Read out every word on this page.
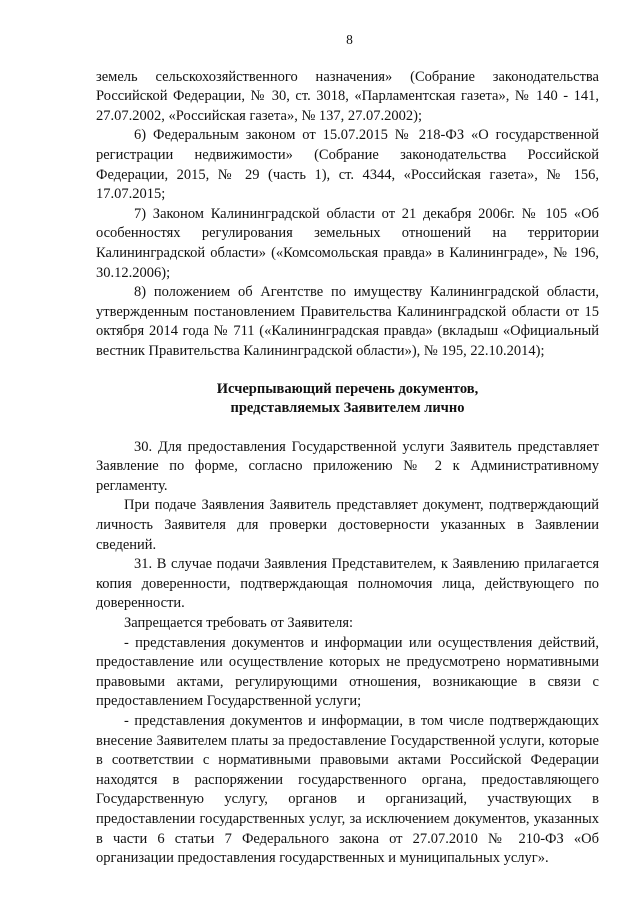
8

земель сельскохозяйственного назначения» (Собрание законодательства Российской Федерации, № 30, ст. 3018, «Парламентская газета», № 140 - 141, 27.07.2002, «Российская газета», № 137, 27.07.2002);

6) Федеральным законом от 15.07.2015 № 218-ФЗ «О государственной регистрации недвижимости» (Собрание законодательства Российской Федерации, 2015, № 29 (часть 1), ст. 4344, «Российская газета», № 156, 17.07.2015;

7) Законом Калининградской области от 21 декабря 2006г. № 105 «Об особенностях регулирования земельных отношений на территории Калининградской области» («Комсомольская правда» в Калининграде», № 196, 30.12.2006);

8) положением об Агентстве по имуществу Калининградской области, утвержденным постановлением Правительства Калининградской области от 15 октября 2014 года № 711 («Калининградская правда» (вкладыш «Официальный вестник Правительства Калининградской области»), № 195, 22.10.2014);

Исчерпывающий перечень документов,
представляемых Заявителем лично

30. Для предоставления Государственной услуги Заявитель представляет Заявление по форме, согласно приложению № 2 к Административному регламенту.

При подаче Заявления Заявитель представляет документ, подтверждающий личность Заявителя для проверки достоверности указанных в Заявлении сведений.

31. В случае подачи Заявления Представителем, к Заявлению прилагается копия доверенности, подтверждающая полномочия лица, действующего по доверенности.

Запрещается требовать от Заявителя:

- представления документов и информации или осуществления действий, предоставление или осуществление которых не предусмотрено нормативными правовыми актами, регулирующими отношения, возникающие в связи с предоставлением Государственной услуги;

- представления документов и информации, в том числе подтверждающих внесение Заявителем платы за предоставление Государственной услуги, которые в соответствии с нормативными правовыми актами Российской Федерации находятся в распоряжении государственного органа, предоставляющего Государственную услугу, органов и организаций, участвующих в предоставлении государственных услуг, за исключением документов, указанных в части 6 статьи 7 Федерального закона от 27.07.2010 № 210-ФЗ «Об организации предоставления государственных и муниципальных услуг».
